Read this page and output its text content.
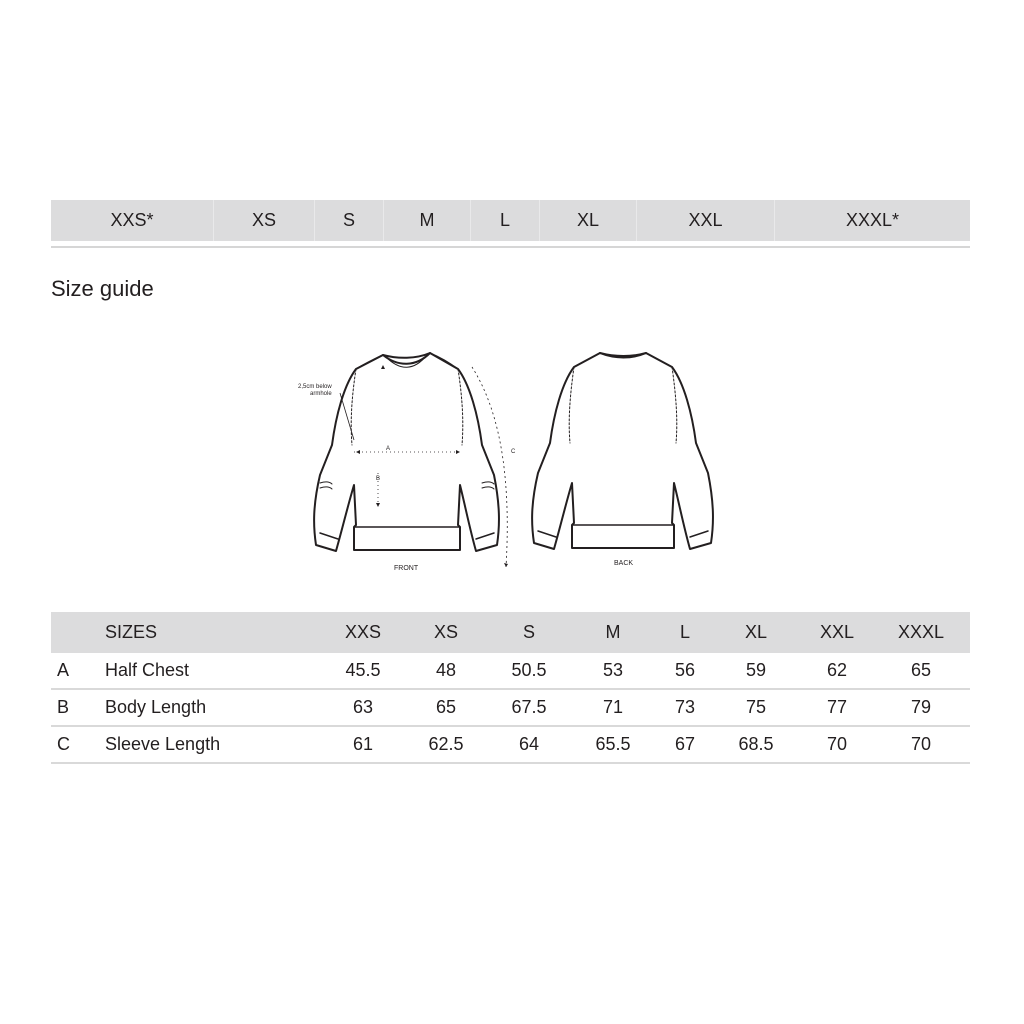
XXS*	XS	S	M	L	XL	XXL	XXXL*
Size guide
2,5cm below
armhole
A
B
C
FRONT
BACK
SIZES	XXS	XS	S	M	L	XL	XXL	XXXL
A Half Chest	45.5	48	50.5	53	56	59	62	65
B Body Length	63	65	67.5	71	73	75	77	79
C Sleeve Length	61	62.5	64	65.5	67	68.5	70	70
